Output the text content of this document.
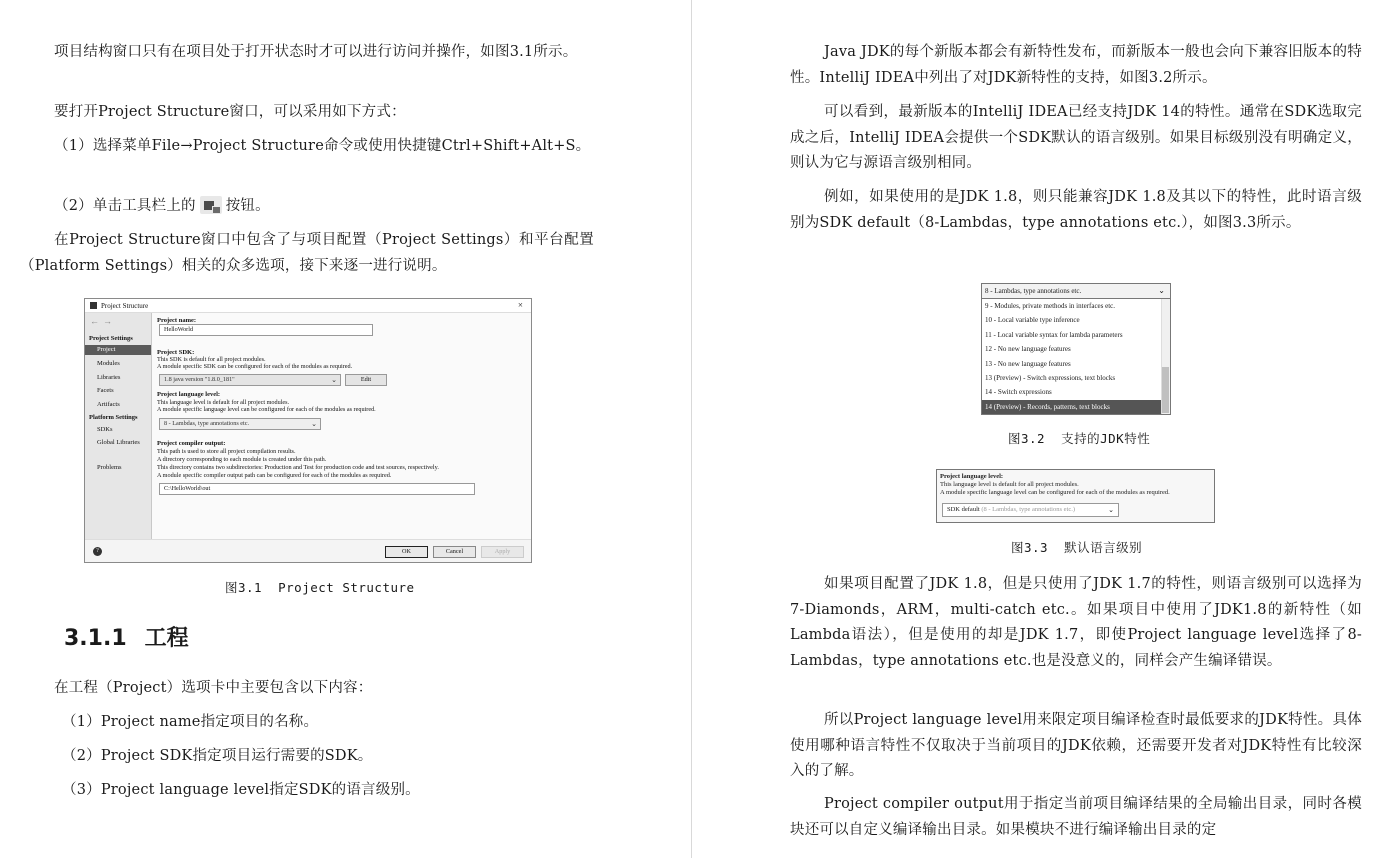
项目结构窗口只有在项目处于打开状态时才可以进行访问并操作，如图3.1所示。
要打开Project Structure窗口，可以采用如下方式：
（1）选择菜单File→Project Structure命令或使用快捷键Ctrl+Shift+Alt+S。
（2）单击工具栏上的 按钮。
在Project Structure窗口中包含了与项目配置（Project Settings）和平台配置（Platform Settings）相关的众多选项，接下来逐一进行说明。
图3.1  Project Structure
3.1.1 工程
在工程（Project）选项卡中主要包含以下内容：
（1）Project name指定项目的名称。
（2）Project SDK指定项目运行需要的SDK。
（3）Project language level指定SDK的语言级别。
Project Structure	×
←→
Project Settings
Project
Modules
Libraries
Facets
Artifacts
Platform Settings
SDKs
Global Libraries
Problems
Project name:
HelloWorld
Project SDK:
This SDK is default for all project modules.
A module specific SDK can be configured for each of the modules as required.
1.8 java version "1.8.0_181"	⌄	Edit
Project language level:
This language level is default for all project modules.
A module specific language level can be configured for each of the modules as required.
8 - Lambdas, type annotations etc.	⌄
Project compiler output:
This path is used to store all project compilation results.
A directory corresponding to each module is created under this path.
This directory contains two subdirectories: Production and Test for production code and test sources, respectively.
A module specific compiler output path can be configured for each of the modules as required.
C:\HelloWorld\out
?	OK	Cancel	Apply
Java JDK的每个新版本都会有新特性发布，而新版本一般也会向下兼容旧版本的特性。IntelliJ IDEA中列出了对JDK新特性的支持，如图3.2所示。
可以看到，最新版本的IntelliJ IDEA已经支持JDK 14的特性。通常在SDK选取完成之后，IntelliJ IDEA会提供一个SDK默认的语言级别。如果目标级别没有明确定义，则认为它与源语言级别相同。
例如，如果使用的是JDK 1.8，则只能兼容JDK 1.8及其以下的特性，此时语言级别为SDK default（8-Lambdas，type annotations etc.），如图3.3所示。
图3.2  支持的JDK特性
图3.3  默认语言级别
如果项目配置了JDK 1.8，但是只使用了JDK 1.7的特性，则语言级别可以选择为7-Diamonds，ARM，multi-catch etc.。如果项目中使用了JDK1.8的新特性（如Lambda语法），但是使用的却是JDK 1.7，即使Project language level选择了8-Lambdas，type annotations etc.也是没意义的，同样会产生编译错误。
所以Project language level用来限定项目编译检查时最低要求的JDK特性。具体使用哪种语言特性不仅取决于当前项目的JDK依赖，还需要开发者对JDK特性有比较深入的了解。
Project compiler output用于指定当前项目编译结果的全局输出目录，同时各模块还可以自定义编译输出目录。如果模块不进行编译输出目录的定
8 - Lambdas, type annotations etc.	⌄
9 - Modules, private methods in interfaces etc.
10 - Local variable type inference
11 - Local variable syntax for lambda parameters
12 - No new language features
13 - No new language features
13 (Preview) - Switch expressions, text blocks
14 - Switch expressions
14 (Preview) - Records, patterns, text blocks
Project language level:
This language level is default for all project modules.
A module specific language level can be configured for each of the modules as required.
SDK default (8 - Lambdas, type annotations etc.)	⌄
